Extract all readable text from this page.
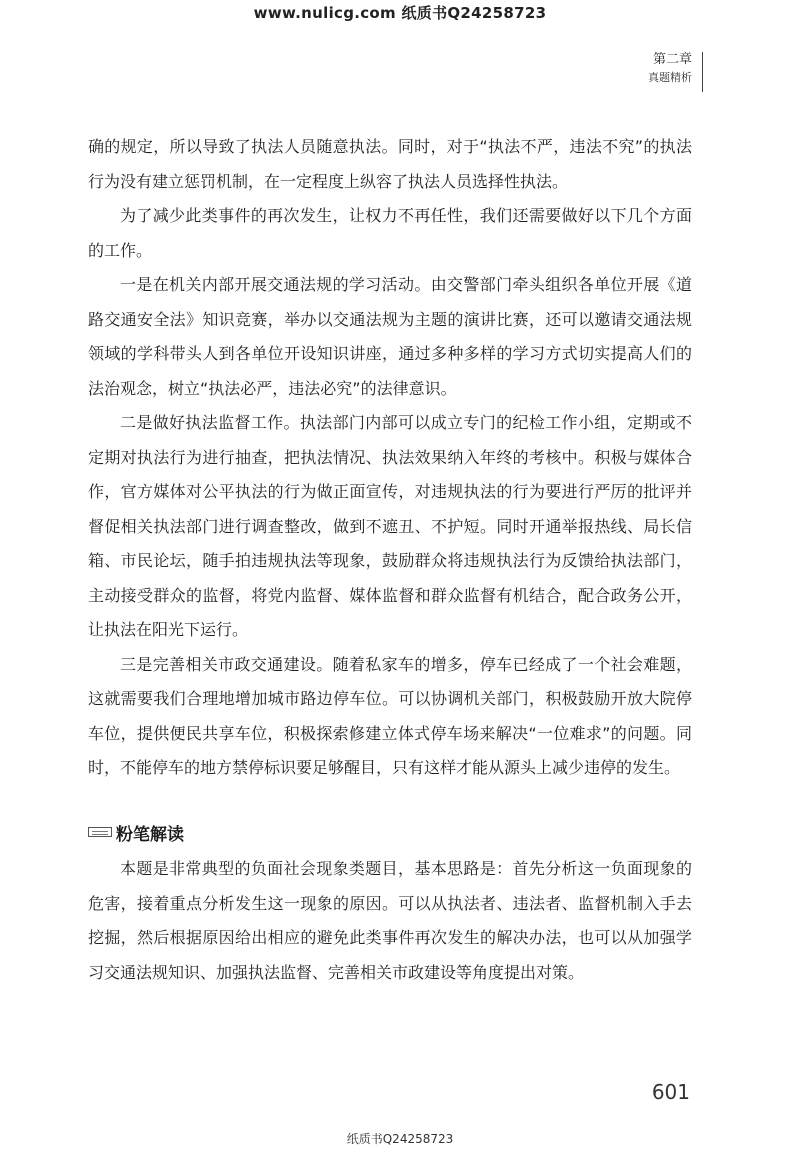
www.nulicg.com 纸质书Q24258723
第二章
真题精析

确的规定，所以导致了执法人员随意执法。同时，对于“执法不严，违法不究”的执法行为没有建立惩罚机制，在一定程度上纵容了执法人员选择性执法。

为了减少此类事件的再次发生，让权力不再任性，我们还需要做好以下几个方面的工作。

一是在机关内部开展交通法规的学习活动。由交警部门牵头组织各单位开展《道路交通安全法》知识竞赛，举办以交通法规为主题的演讲比赛，还可以邀请交通法规领域的学科带头人到各单位开设知识讲座，通过多种多样的学习方式切实提高人们的法治观念，树立“执法必严，违法必究”的法律意识。

二是做好执法监督工作。执法部门内部可以成立专门的纪检工作小组，定期或不定期对执法行为进行抽查，把执法情况、执法效果纳入年终的考核中。积极与媒体合作，官方媒体对公平执法的行为做正面宣传，对违规执法的行为要进行严厉的批评并督促相关执法部门进行调查整改，做到不遮丑、不护短。同时开通举报热线、局长信箱、市民论坛，随手拍违规执法等现象，鼓励群众将违规执法行为反馈给执法部门，主动接受群众的监督，将党内监督、媒体监督和群众监督有机结合，配合政务公开，让执法在阳光下运行。

三是完善相关市政交通建设。随着私家车的增多，停车已经成了一个社会难题，这就需要我们合理地增加城市路边停车位。可以协调机关部门，积极鼓励开放大院停车位，提供便民共享车位，积极探索修建立体式停车场来解决“一位难求”的问题。同时，不能停车的地方禁停标识要足够醒目，只有这样才能从源头上减少违停的发生。

粉笔解读

本题是非常典型的负面社会现象类题目，基本思路是：首先分析这一负面现象的危害，接着重点分析发生这一现象的原因。可以从执法者、违法者、监督机制入手去挖掘，然后根据原因给出相应的避免此类事件再次发生的解决办法，也可以从加强学习交通法规知识、加强执法监督、完善相关市政建设等角度提出对策。

601
纸质书Q24258723
